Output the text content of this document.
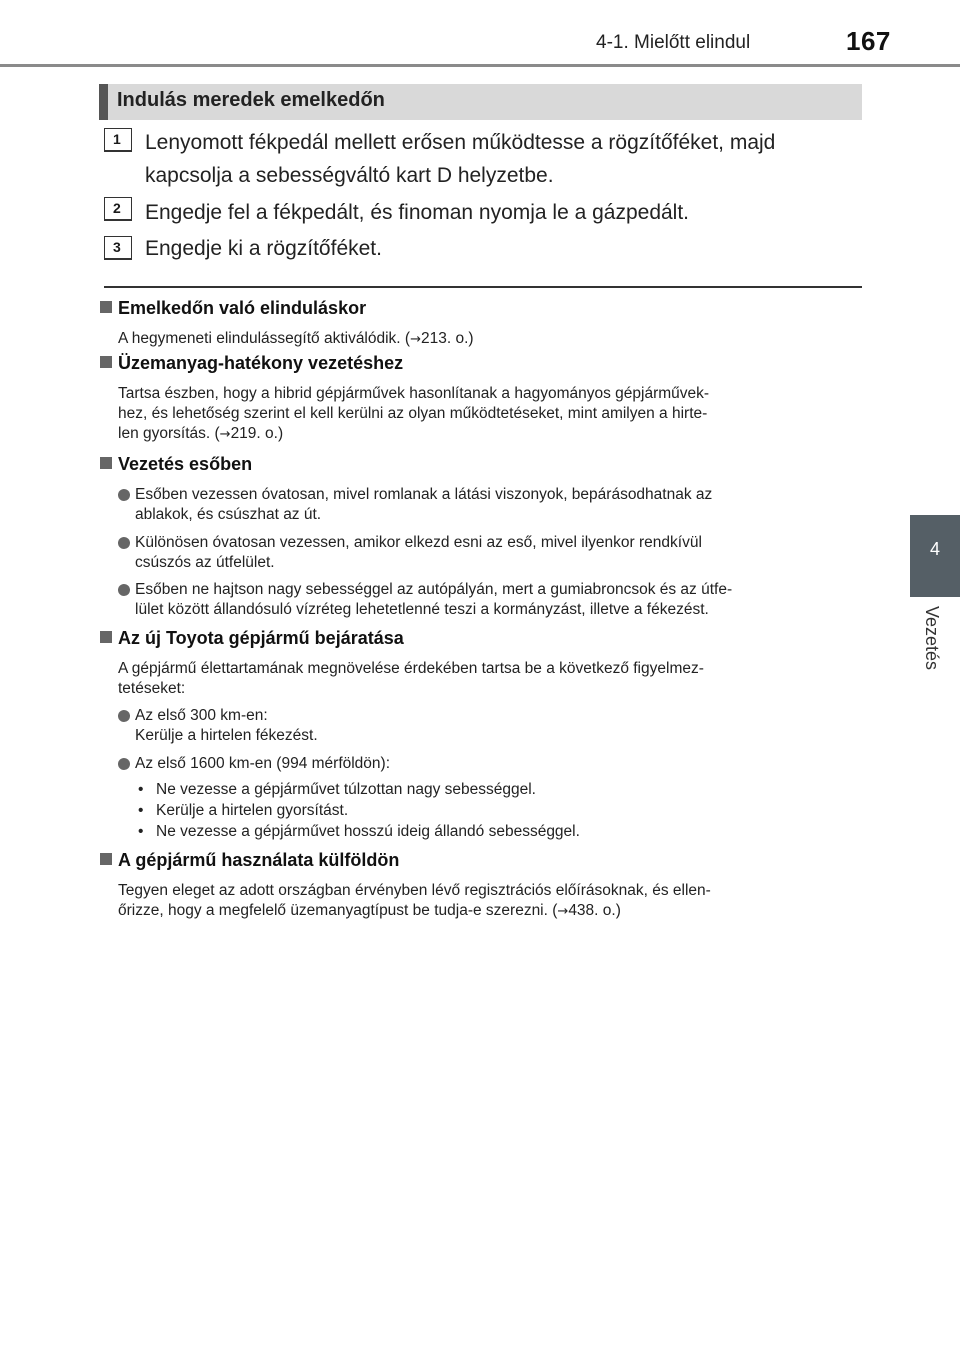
4-1. Mielőtt elindul	167
4
Vezetés
Indulás meredek emelkedőn
1 Lenyomott fékpedál mellett erősen működtesse a rögzítőféket, majd
kapcsolja a sebességváltó kart D helyzetbe.
2 Engedje fel a fékpedált, és finoman nyomja le a gázpedált.
3 Engedje ki a rögzítőféket.
Emelkedőn való elinduláskor
A hegymeneti elindulássegítő aktiválódik. (→213. o.)
Üzemanyag-hatékony vezetéshez
Tartsa észben, hogy a hibrid gépjárművek hasonlítanak a hagyományos gépjárművek-
hez, és lehetőség szerint el kell kerülni az olyan működtetéseket, mint amilyen a hirte-
len gyorsítás. (→219. o.)
Vezetés esőben
Esőben vezessen óvatosan, mivel romlanak a látási viszonyok, bepárásodhatnak az
ablakok, és csúszhat az út.
Különösen óvatosan vezessen, amikor elkezd esni az eső, mivel ilyenkor rendkívül
csúszós az útfelület.
Esőben ne hajtson nagy sebességgel az autópályán, mert a gumiabroncsok és az útfe-
lület között állandósuló vízréteg lehetetlenné teszi a kormányzást, illetve a fékezést.
Az új Toyota gépjármű bejáratása
A gépjármű élettartamának megnövelése érdekében tartsa be a következő figyelmez-
tetéseket:
Az első 300 km-en:
Kerülje a hirtelen fékezést.
Az első 1600 km-en (994 mérföldön):
• Ne vezesse a gépjárművet túlzottan nagy sebességgel.
• Kerülje a hirtelen gyorsítást.
• Ne vezesse a gépjárművet hosszú ideig állandó sebességgel.
A gépjármű használata külföldön
Tegyen eleget az adott országban érvényben lévő regisztrációs előírásoknak, és ellen-
őrizze, hogy a megfelelő üzemanyagtípust be tudja-e szerezni. (→438. o.)
